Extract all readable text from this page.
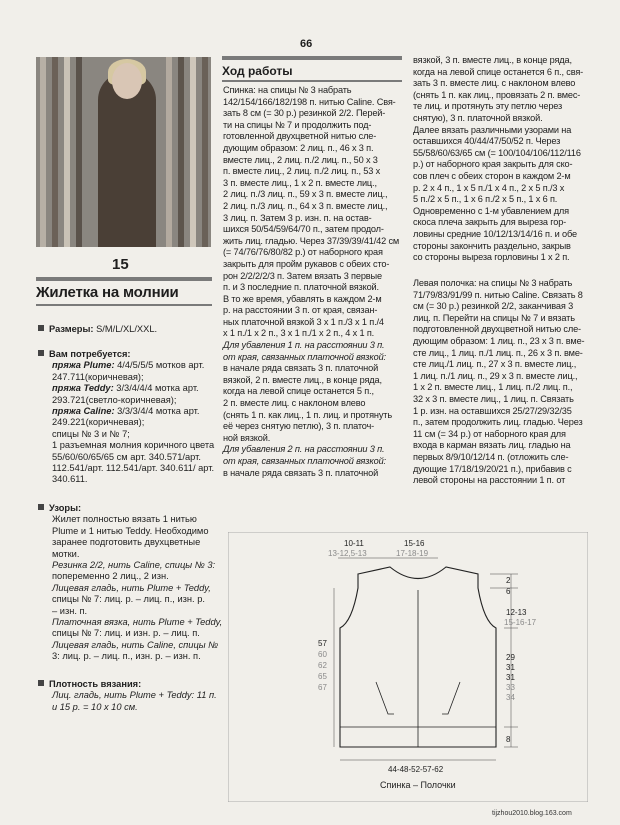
66
15
Жилетка на молнии
Размеры: S/M/L/XL/XXL.
Вам потребуется:
пряжа Plume: 4/4/5/5/5 мотков арт.
247.711(коричневая);
пряжа Teddy: 3/3/4/4/4 мотка арт.
293.721(светло-коричневая);
пряжа Caline: 3/3/3/4/4 мотка арт.
249.221(коричневая);
спицы № 3 и № 7;
1 разъемная молния коричного цвета
55/60/60/65/65 см арт. 340.571/арт.
112.541/арт. 112.541/арт. 340.611/ арт.
340.611.
Узоры:
Жилет полностью вязать 1 нитью
Plume и 1 нитью Teddy. Необходимо
заранее подготовить двухцветные
мотки.
Резинка 2/2, нить Caline, спицы № 3:
попеременно 2 лиц., 2 изн.
Лицевая гладь, нить Plume + Teddy,
спицы № 7: лиц. р. – лиц. п., изн. р.
– изн. п.
Платочная вязка, нить Plume + Teddy,
спицы № 7: лиц. и изн. р. – лиц. п.
Лицевая гладь, нить Caline, спицы №
3: лиц. р. – лиц. п., изн. р. – изн. п.
Плотность вязания:
Лиц. гладь, нить Plume + Teddy: 11 п.
и 15 р. = 10 х 10 см.
Ход работы
Спинка: на спицы № 3 набрать
142/154/166/182/198 п. нитью Caline. Свя-
зать 8 см (= 30 р.) резинкой 2/2. Перей-
ти на спицы № 7 и продолжить под-
готовленной двухцветной нитью сле-
дующим образом: 2 лиц. п., 46 х 3 п.
вместе лиц., 2 лиц. п./2 лиц. п., 50 х 3
п. вместе лиц., 2 лиц. п./2 лиц. п., 53 х
3 п. вместе лиц., 1 х 2 п. вместе лиц.,
2 лиц. п./3 лиц. п., 59 х 3 п. вместе лиц.,
2 лиц. п./3 лиц. п., 64 х 3 п. вместе лиц.,
3 лиц. п. Затем 3 р. изн. п. на остав-
шихся 50/54/59/64/70 п., затем продол-
жить лиц. гладью. Через 37/39/39/41/42 см
(= 74/76/76/80/82 р.) от наборного края
закрыть для пройм рукавов с обеих сто-
рон 2/2/2/2/3 п. Затем вязать 3 первые
п. и 3 последние п. платочной вязкой.
В то же время, убавлять в каждом 2-м
р. на расстоянии 3 п. от края, связан-
ных платочной вязкой 3 х 1 п./3 х 1 п./4
х 1 п./1 х 2 п., 3 х 1 п./1 х 2 п., 4 х 1 п.
Для убавления 1 п. на расстоянии 3 п.
от края, связанных платочной вязкой:
в начале ряда связать 3 п. платочной
вязкой, 2 п. вместе лиц., в конце ряда,
когда на левой спице останется 5 п.,
2 п. вместе лиц. с наклоном влево
(снять 1 п. как лиц., 1 п. лиц. и протянуть
её через снятую петлю), 3 п. платоч-
ной вязкой.
Для убавления 2 п. на расстоянии 3 п.
от края, связанных платочной вязкой:
в начале ряда связать 3 п. платочной
вязкой, 3 п. вместе лиц., в конце ряда,
когда на левой спице останется 6 п., свя-
зать 3 п. вместе лиц. с наклоном влево
(снять 1 п. как лиц., провязать 2 п. вмес-
те лиц. и протянуть эту петлю через
снятую), 3 п. платочной вязкой.
Далее вязать различными узорами на
оставшихся 40/44/47/50/52 п. Через
55/58/60/63/65 см (= 100/104/106/112/116
р.) от наборного края закрыть для ско-
сов плеч с обеих сторон в каждом 2-м
р. 2 х 4 п., 1 х 5 п./1 х 4 п., 2 х 5 п./3 х
5 п./2 х 5 п., 1 х 6 п./2 х 5 п., 1 х 6 п.
Одновременно с 1-м убавлением для
скоса плеча закрыть для выреза гор-
ловины средние 10/12/13/14/16 п. и обе
стороны закончить раздельно, закрыв
со стороны выреза горловины 1 х 2 п.
Левая полочка: на спицы № 3 набрать
71/79/83/91/99 п. нитью Caline. Связать 8
см (= 30 р.) резинкой 2/2, заканчивая 3
лиц. п. Перейти на спицы № 7 и вязать
подготовленной двухцветной нитью сле-
дующим образом: 1 лиц. п., 23 х 3 п. вме-
сте лиц., 1 лиц. п./1 лиц. п., 26 х 3 п. вме-
сте лиц./1 лиц. п., 27 х 3 п. вместе лиц.,
1 лиц. п./1 лиц. п., 29 х 3 п. вместе лиц.,
1 х 2 п. вместе лиц., 1 лиц. п./2 лиц. п.,
32 х 3 п. вместе лиц., 1 лиц. п. Связать
1 р. изн. на оставшихся 25/27/29/32/35
п., затем продолжить лиц. гладью. Через
11 см (= 34 р.) от наборного края для
входа в карман вязать лиц. гладью на
первых 8/9/10/12/14 п. (отложить сле-
дующие 17/18/19/20/21 п.), прибавив с
левой стороны на расстоянии 1 п. от
10-11
13-12,5-13
15-16
17-18-19
2
6
12-13
15-16-17
29
31
31
33
34
8
57
60
62
65
67
44-48-52-57-62
Спинка – Полочки
tijzhou2010.blog.163.com
